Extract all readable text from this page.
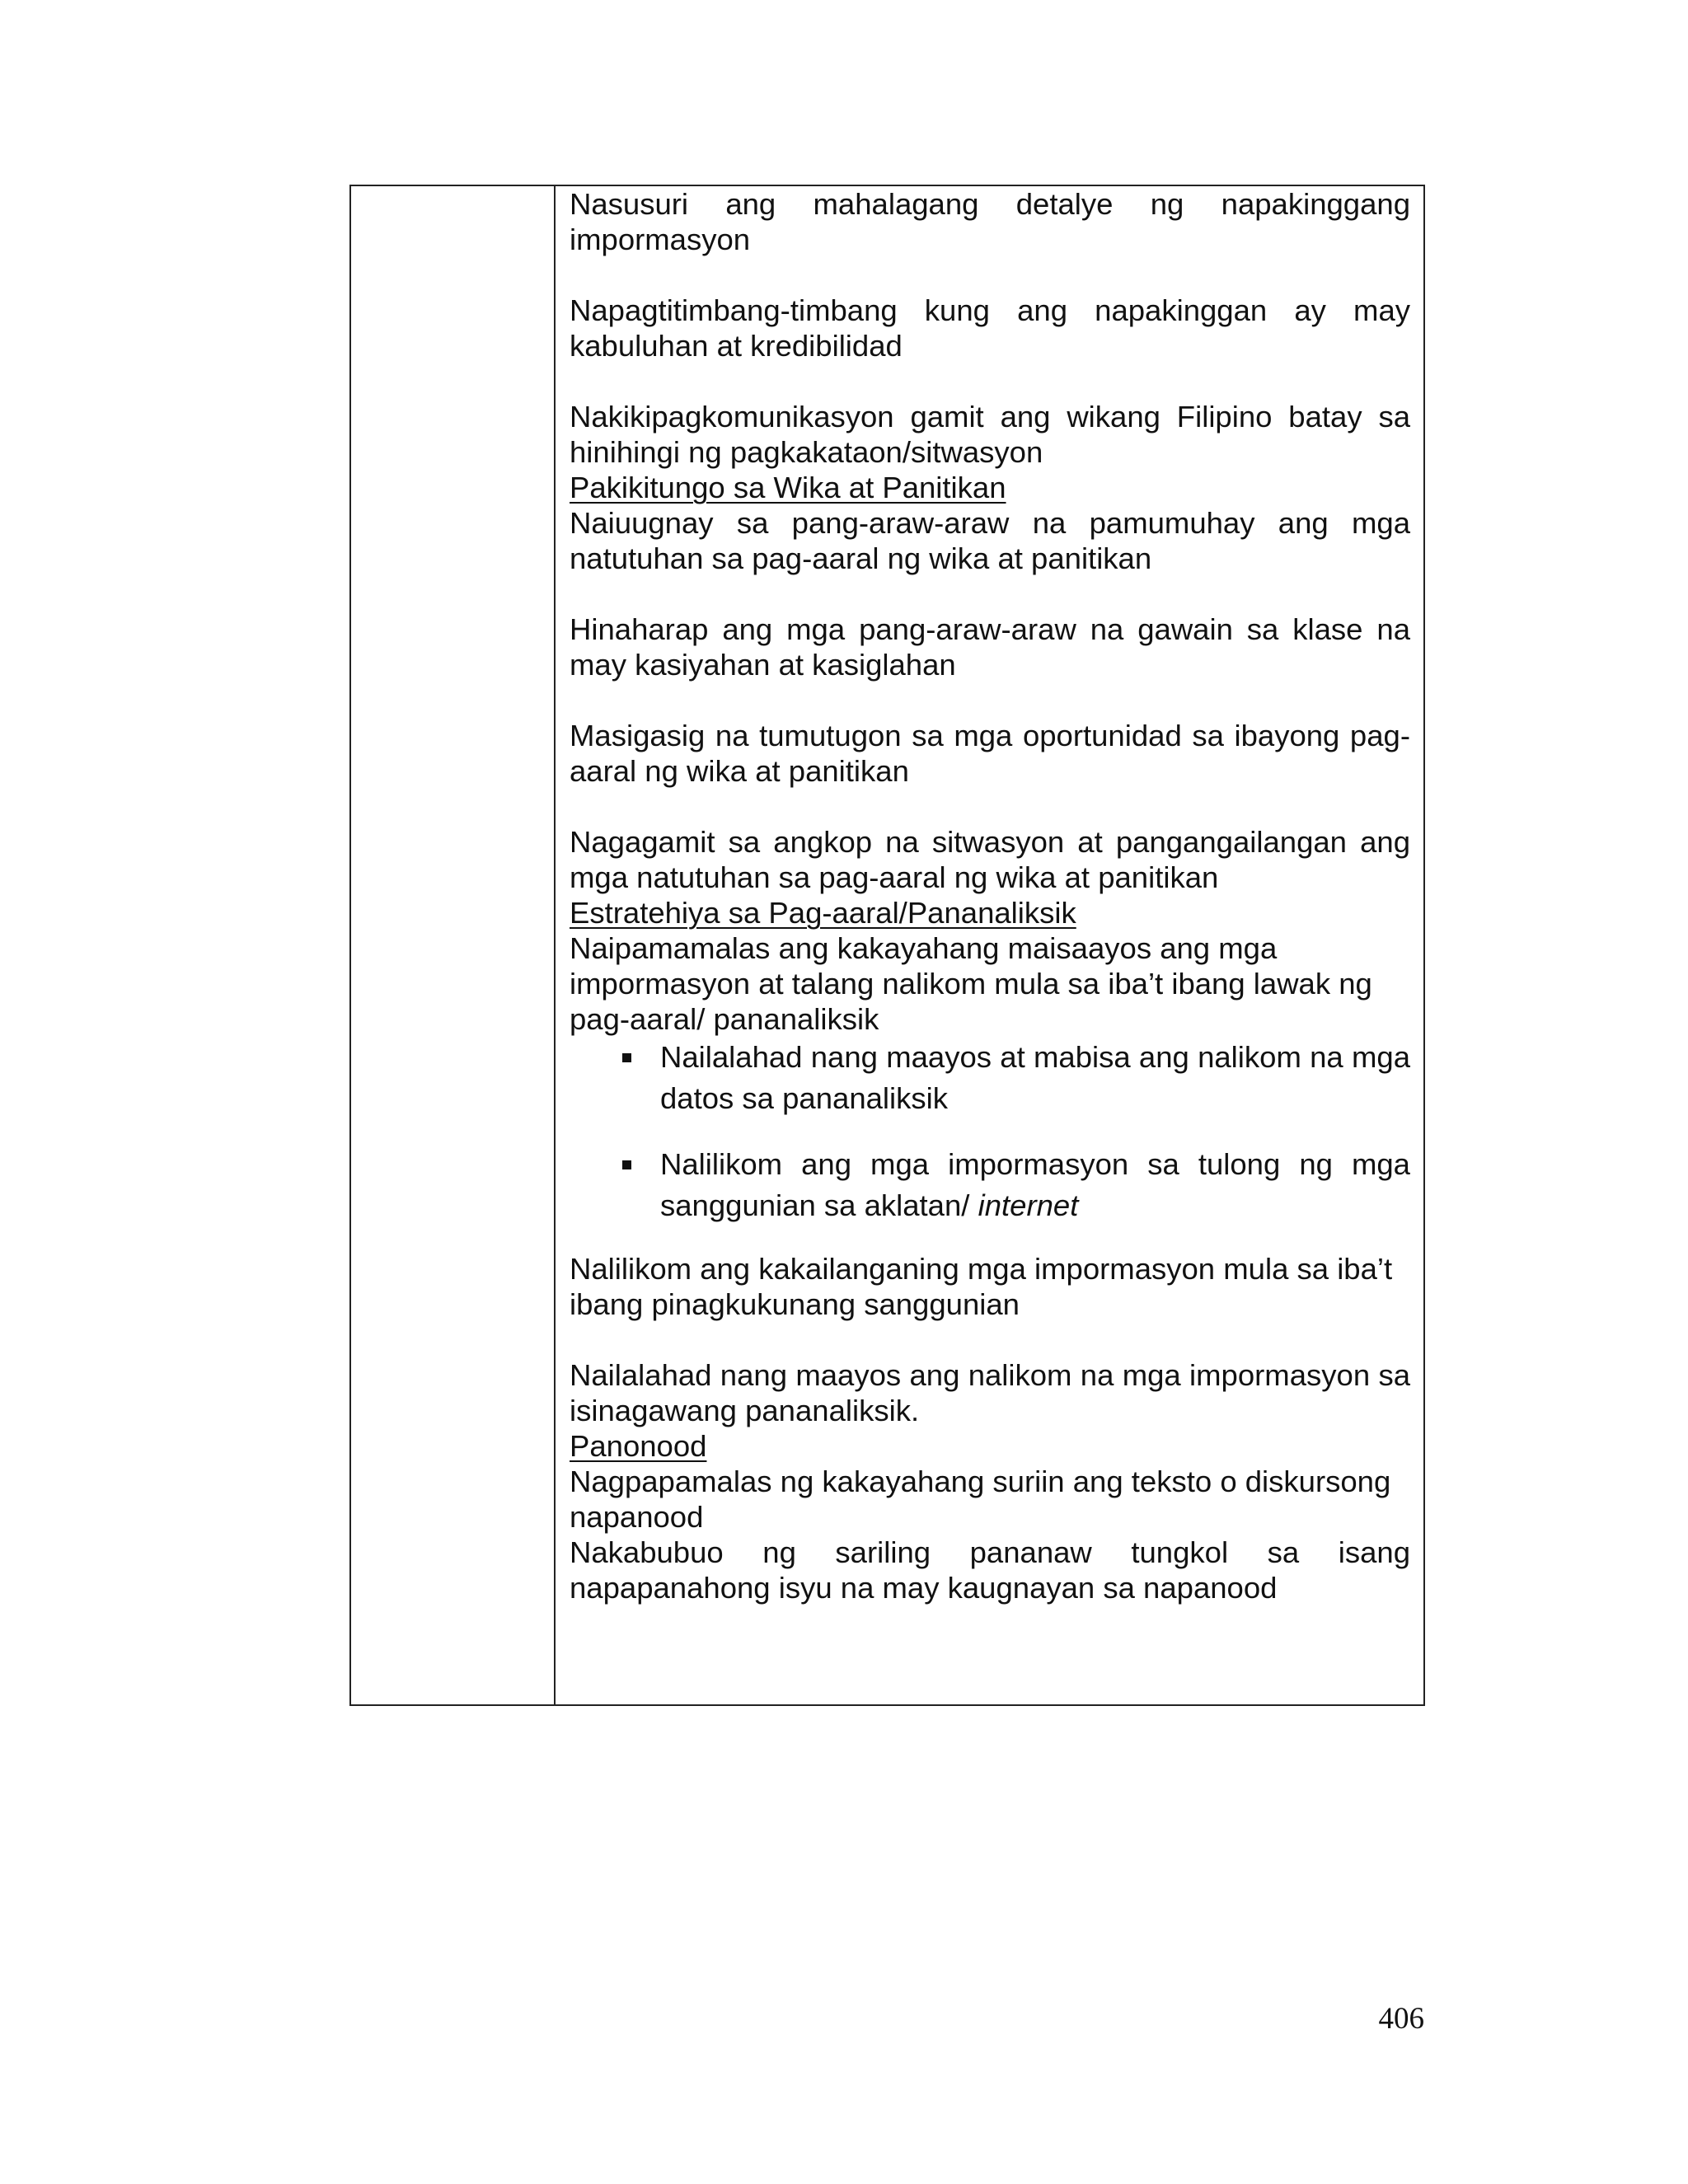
Nasusuri ang mahalagang detalye ng napakinggang impormasyon

Napagtitimbang-timbang kung ang napakinggan ay may kabuluhan at kredibilidad

Nakikipagkomunikasyon gamit ang wikang Filipino batay sa hinihingi ng pagkakataon/sitwasyon

Pakikitungo sa Wika at Panitikan

Naiuugnay sa pang-araw-araw na pamumuhay ang mga natutuhan sa pag-aaral ng wika at panitikan

Hinaharap ang mga pang-araw-araw na gawain sa klase na may kasiyahan at kasiglahan

Masigasig na tumutugon sa mga oportunidad sa ibayong pag-aaral ng wika at panitikan

Nagagamit sa angkop na sitwasyon at pangangailangan ang mga natutuhan sa pag-aaral ng wika at panitikan

Estratehiya sa Pag-aaral/Pananaliksik

Naipamamalas ang kakayahang maisaayos ang mga impormasyon at talang nalikom mula sa iba’t ibang lawak ng pag-aaral/ pananaliksik

Nailalahad nang maayos at mabisa ang nalikom na mga datos sa pananaliksik
Nalilikom ang mga impormasyon sa tulong ng mga sanggunian sa aklatan/ internet

Nalilikom ang kakailanganing mga impormasyon mula sa iba’t ibang pinagkukunang sanggunian

Nailalahad nang maayos ang nalikom na mga impormasyon sa isinagawang pananaliksik.

Panonood

Nagpapamalas ng kakayahang suriin ang teksto o diskursong napanood

Nakabubuo ng sariling pananaw tungkol sa isang napapanahong isyu na may kaugnayan sa napanood

406
